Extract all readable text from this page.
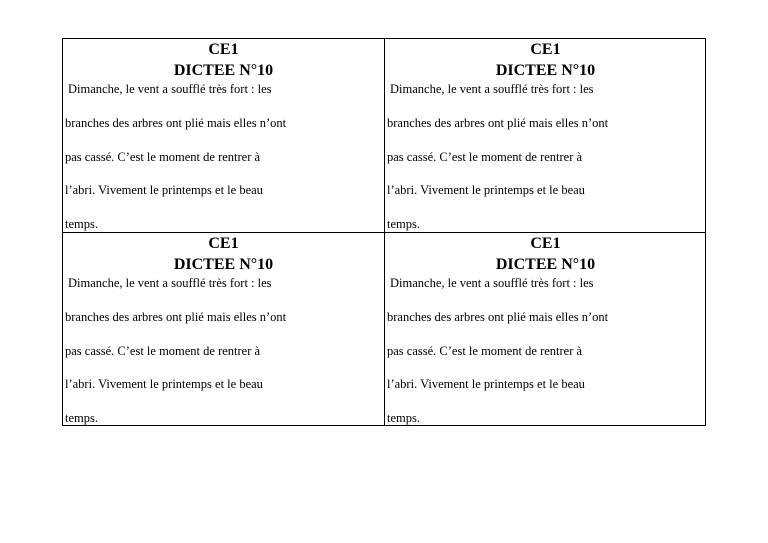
CE1
DICTEE N°10
Dimanche, le vent a soufflé très fort : les
branches des arbres ont plié mais elles n’ont
pas cassé. C’est le moment de rentrer à
l’abri. Vivement le printemps et le beau
temps.
CE1
DICTEE N°10
Dimanche, le vent a soufflé très fort : les
branches des arbres ont plié mais elles n’ont
pas cassé. C’est le moment de rentrer à
l’abri. Vivement le printemps et le beau
temps.
CE1
DICTEE N°10
Dimanche, le vent a soufflé très fort : les
branches des arbres ont plié mais elles n’ont
pas cassé. C’est le moment de rentrer à
l’abri. Vivement le printemps et le beau
temps.
CE1
DICTEE N°10
Dimanche, le vent a soufflé très fort : les
branches des arbres ont plié mais elles n’ont
pas cassé. C’est le moment de rentrer à
l’abri. Vivement le printemps et le beau
temps.
